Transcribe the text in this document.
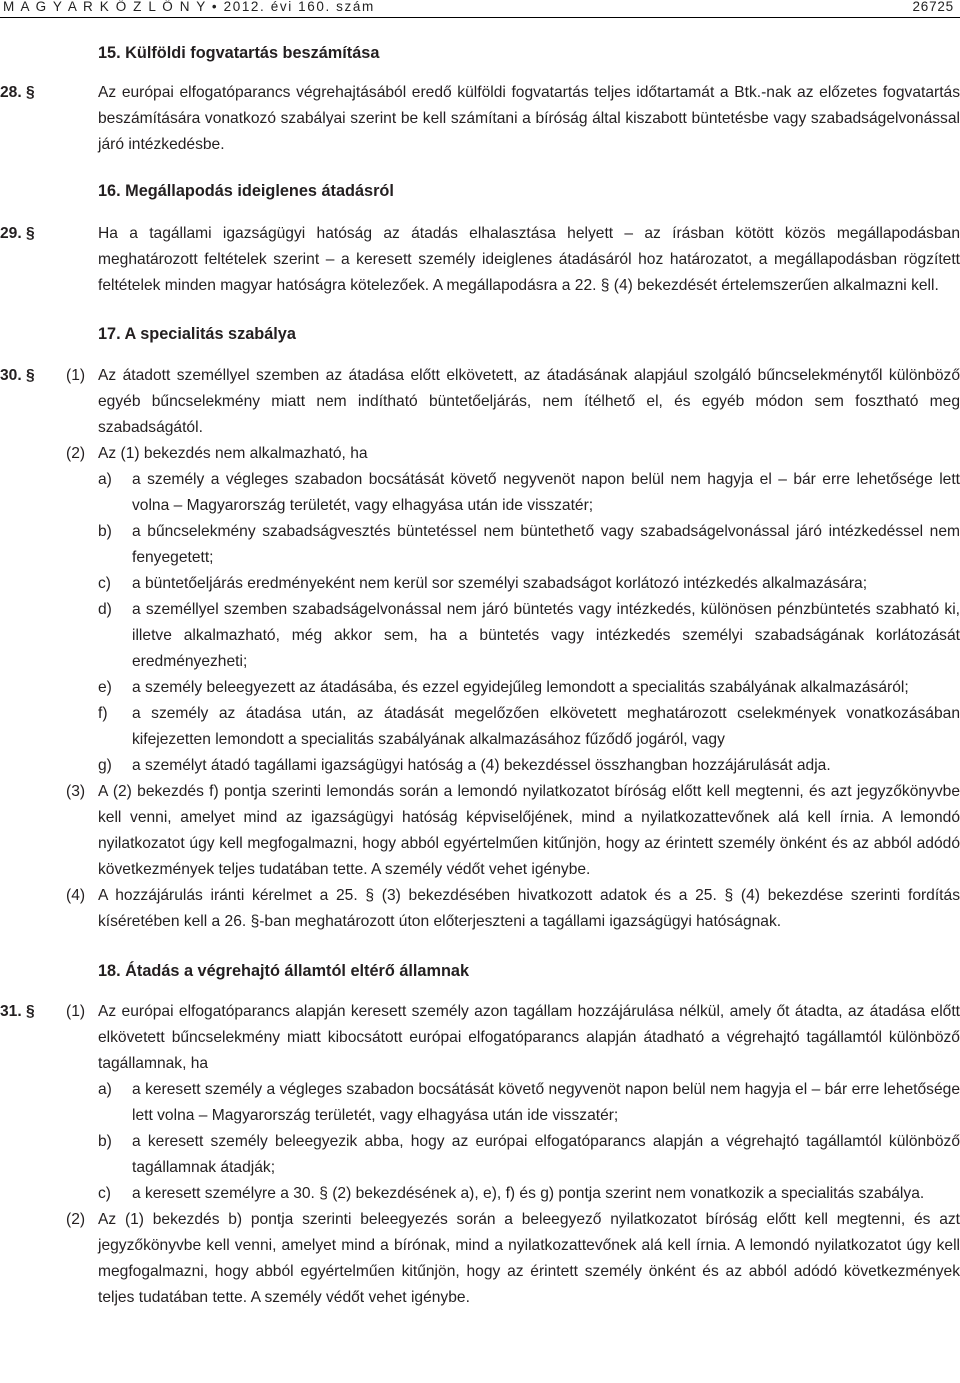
M A G Y A R K Ö Z L Ö N Y • 2012. évi 160. szám	26725
15. Külföldi fogvatartás beszámítása
28. §	Az európai elfogatóparancs végrehajtásából eredő külföldi fogvatartás teljes időtartamát a Btk.-nak az előzetes fogvatartás beszámítására vonatkozó szabályai szerint be kell számítani a bíróság által kiszabott büntetésbe vagy szabadságelvonással járó intézkedésbe.
16. Megállapodás ideiglenes átadásról
29. §	Ha a tagállami igazságügyi hatóság az átadás elhalasztása helyett – az írásban kötött közös megállapodásban meghatározott feltételek szerint – a keresett személy ideiglenes átadásáról hoz határozatot, a megállapodásban rögzített feltételek minden magyar hatóságra kötelezőek. A megállapodásra a 22. § (4) bekezdését értelemszerűen alkalmazni kell.
17. A specialitás szabálya
30. § (1) Az átadott személlyel szemben az átadása előtt elkövetett, az átadásának alapjául szolgáló bűncselekménytől különböző egyéb bűncselekmény miatt nem indítható büntetőeljárás, nem ítélhető el, és egyéb módon sem fosztható meg szabadságától.
(2) Az (1) bekezdés nem alkalmazható, ha
a) a személy a végleges szabadon bocsátását követő negyvenöt napon belül nem hagyja el – bár erre lehetősége lett volna – Magyarország területét, vagy elhagyása után ide visszatér;
b) a bűncselekmény szabadságvesztés büntetéssel nem büntethető vagy szabadságelvonással járó intézkedéssel nem fenyegetett;
c) a büntetőeljárás eredményeként nem kerül sor személyi szabadságot korlátozó intézkedés alkalmazására;
d) a személlyel szemben szabadságelvonással nem járó büntetés vagy intézkedés, különösen pénzbüntetés szabható ki, illetve alkalmazható, még akkor sem, ha a büntetés vagy intézkedés személyi szabadságának korlátozását eredményezheti;
e) a személy beleegyezett az átadásába, és ezzel egyidejűleg lemondott a specialitás szabályának alkalmazásáról;
f) a személy az átadása után, az átadását megelőzően elkövetett meghatározott cselekmények vonatkozásában kifejezetten lemondott a specialitás szabályának alkalmazásához fűződő jogáról, vagy
g) a személyt átadó tagállami igazságügyi hatóság a (4) bekezdéssel összhangban hozzájárulását adja.
(3) A (2) bekezdés f) pontja szerinti lemondás során a lemondó nyilatkozatot bíróság előtt kell megtenni, és azt jegyzőkönyvbe kell venni, amelyet mind az igazságügyi hatóság képviselőjének, mind a nyilatkozattevőnek alá kell írnia. A lemondó nyilatkozatot úgy kell megfogalmazni, hogy abból egyértelműen kitűnjön, hogy az érintett személy önként és az abból adódó következmények teljes tudatában tette. A személy védőt vehet igénybe.
(4) A hozzájárulás iránti kérelmet a 25. § (3) bekezdésében hivatkozott adatok és a 25. § (4) bekezdése szerinti fordítás kíséretében kell a 26. §-ban meghatározott úton előterjeszteni a tagállami igazságügyi hatóságnak.
18. Átadás a végrehajtó államtól eltérő államnak
31. § (1) Az európai elfogatóparancs alapján keresett személy azon tagállam hozzájárulása nélkül, amely őt átadta, az átadása előtt elkövetett bűncselekmény miatt kibocsátott európai elfogatóparancs alapján átadható a végrehajtó tagállamtól különböző tagállamnak, ha
a) a keresett személy a végleges szabadon bocsátását követő negyvenöt napon belül nem hagyja el – bár erre lehetősége lett volna – Magyarország területét, vagy elhagyása után ide visszatér;
b) a keresett személy beleegyezik abba, hogy az európai elfogatóparancs alapján a végrehajtó tagállamtól különböző tagállamnak átadják;
c) a keresett személyre a 30. § (2) bekezdésének a), e), f) és g) pontja szerint nem vonatkozik a specialitás szabálya.
(2) Az (1) bekezdés b) pontja szerinti beleegyezés során a beleegyező nyilatkozatot bíróság előtt kell megtenni, és azt jegyzőkönyvbe kell venni, amelyet mind a bírónak, mind a nyilatkozattevőnek alá kell írnia. A lemondó nyilatkozatot úgy kell megfogalmazni, hogy abból egyértelműen kitűnjön, hogy az érintett személy önként és az abból adódó következmények teljes tudatában tette. A személy védőt vehet igénybe.
